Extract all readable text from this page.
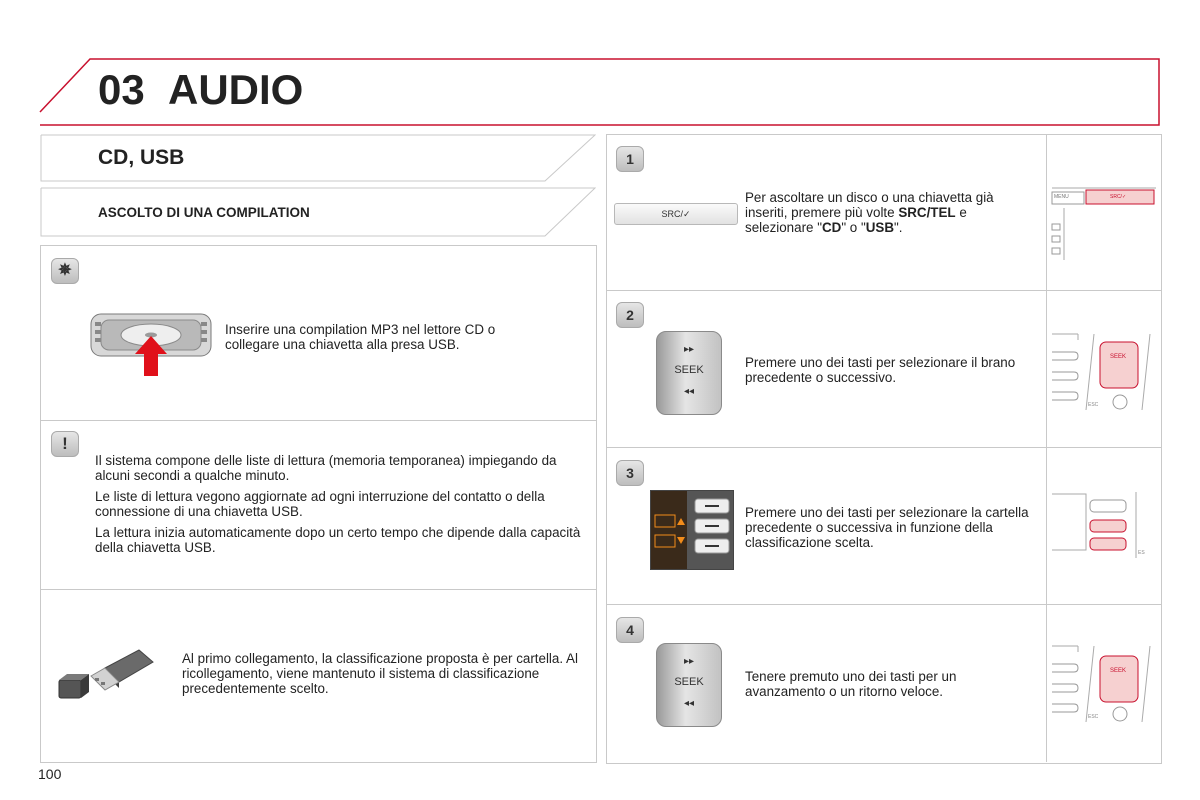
03 AUDIO
CD, USB
ASCOLTO DI UNA COMPILATION
✵
Inserire una compilation MP3 nel lettore CD o collegare una chiavetta alla presa USB.
!

Il sistema compone delle liste di lettura (memoria temporanea) impiegando da alcuni secondi a qualche minuto.

Le liste di lettura vegono aggiornate ad ogni interruzione del contatto o della connessione di una chiavetta USB.

La lettura inizia automaticamente dopo un certo tempo che dipende dalla capacità della chiavetta USB.

Al primo collegamento, la classificazione proposta è per cartella. Al ricollegamento, viene mantenuto il sistema di classificazione precedentemente scelto.
1
SRC/✓
Per ascoltare un disco o una chiavetta già inseriti, premere più volte SRC/TEL e selezionare "CD" o "USB".
MENU	SRC/✓
2
▸▸
SEEK
◂◂
Premere uno dei tasti per selezionare il brano precedente o successivo.
SEEK
ESC
3
Premere uno dei tasti per selezionare la cartella precedente o successiva in funzione della classificazione scelta.
ES
4
▸▸
SEEK
◂◂
Tenere premuto uno dei tasti per un avanzamento o un ritorno veloce.
SEEK
ESC
100
